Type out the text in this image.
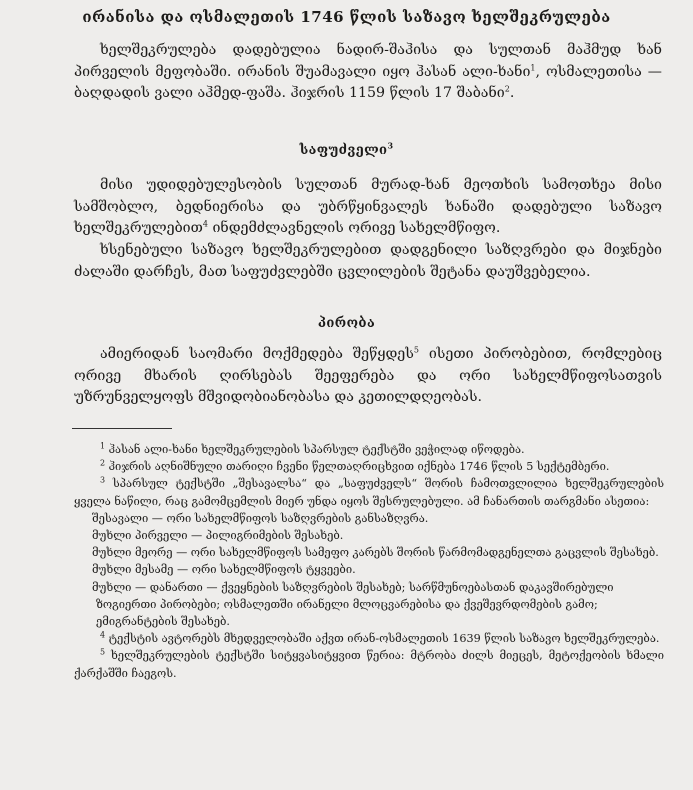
ირანისა და ოსმალეთის 1746 წლის საზავო ხელშეკრულება

ხელშეკრულება დადებულია ნადირ-შაჰისა და სულთან მაჰმუდ ხან პირველის მეფობაში. ირანის შუამავალი იყო ჰასან ალი-ხანი$^1$, ოსმალეთისა — ბაღდადის ვალი აჰმედ-ფაშა. ჰიჯრის 1159 წლის 17 შაბანი$^2$.

საფუძველი$^3$

მისი უდიდებულესობის სულთან მურად-ხან მეოთხის სამოთხეა მისი სამშობლო, ბედნიერისა და უბრწყინვალეს ხანაში დადებული საზავო ხელშეკრულებით$^4$ ინდემძლავნელის ორივე სახელმწიფო.

ხსენებული საზავო ხელშეკრულებით დადგენილი საზღვრები და მიჯნები ძალაში დარჩეს, მათ საფუძვლებში ცვლილების შეტანა დაუშვებელია.

პირობა

ამიერიდან საომარი მოქმედება შეწყდეს$^5$ ისეთი პირობებით, რომლებიც ორივე მხარის ღირსებას შეეფერება და ორი სახელმწიფოსათვის უზრუნველყოფს მშვიდობიანობასა და კეთილდღეობას.

$^1$ ჰასან ალი-ხანი ხელშეკრულების სპარსულ ტექსტში ვეჭილად იწოდება.

$^2$ ჰიჯრის აღნიშნული თარიღი ჩვენი წელთაღრიცხვით იქნება 1746 წლის 5 სექტემბერი.

$^3$ სპარსულ ტექსტში „შესავალსა“ და „საფუძველს“ შორის ჩამოთვლილია ხელშეკრულების ყველა ნაწილი, რაც გამომცემლის მიერ უნდა იყოს შესრულებული. ამ ჩანართის თარგმანი ასეთია:

შესავალი — ორი სახელმწიფოს საზღვრების განსაზღვრა.

მუხლი პირველი — პილიგრიმების შესახებ.

მუხლი მეორე — ორი სახელმწიფოს სამეფო კარებს შორის წარმომადგენელთა გაცვლის შესახებ.

მუხლი მესამე — ორი სახელმწიფოს ტყვეები.

მუხლი — დანართი — ქვეყნების საზღვრების შესახებ; სარწმუნოებასთან დაკავშირებული ზოგიერთი პირობები; ოსმალეთში ირანელი მლოცვარებისა და ქვეშევრდომების გამო; ემიგრანტების შესახებ.

$^4$ ტექსტის ავტორებს მხედველობაში აქვთ ირან-ოსმალეთის 1639 წლის საზავო ხელშეკრულება.

$^5$ ხელშეკრულების ტექსტში სიტყვასიტყვით წერია: მტრობა ძილს მიეცეს, მეტოქეობის ხმალი ქარქაშში ჩაეგოს.
